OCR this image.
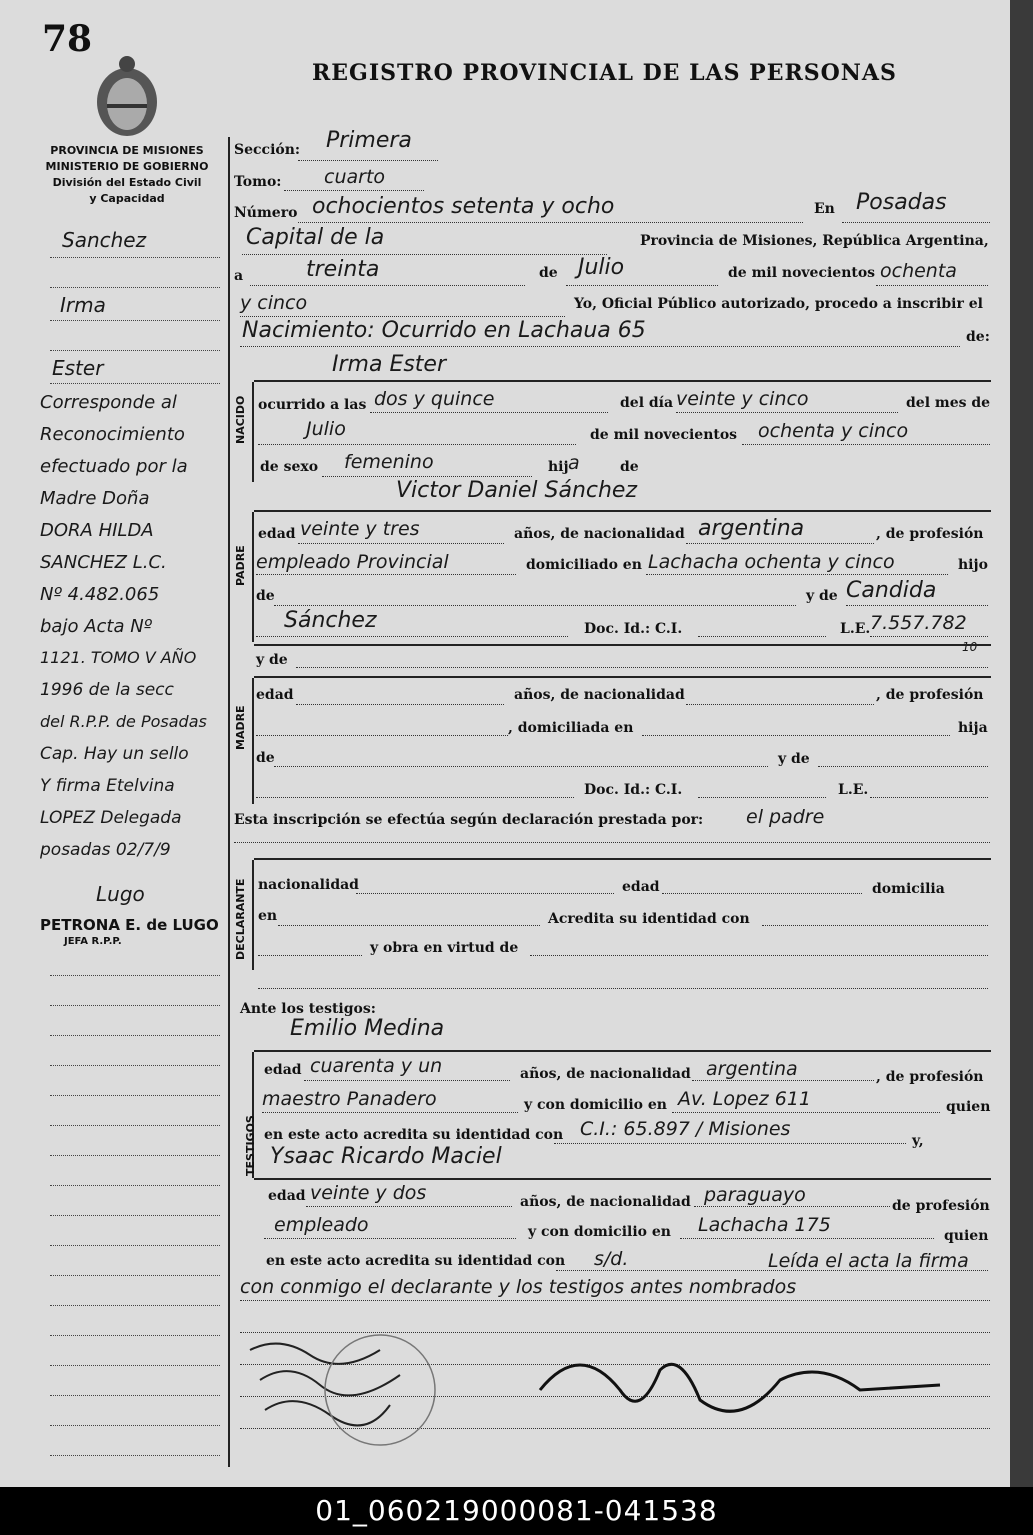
78
REGISTRO PROVINCIAL DE LAS PERSONAS
PROVINCIA DE MISIONES
MINISTERIO DE GOBIERNO
División del Estado Civil
y Capacidad
Sanchez
Irma
Ester
Corresponde al
Reconocimiento
efectuado por la
Madre Doña
DORA HILDA
SANCHEZ L.C.
Nº 4.482.065
bajo Acta Nº
1121. TOMO V AÑO
1996 de la secc
del R.P.P. de Posadas
Cap. Hay un sello
Y firma Etelvina
LOPEZ Delegada
posadas 02/7/9
Lugo
PETRONA E. de LUGO
JEFA R.P.P.
Sección: Primera
Tomo: cuarto
Número ochocientos setenta y ocho	En Posadas
Capital de la	Provincia de Misiones, República Argentina,
a	treinta	de Julio	de mil novecientos ochenta
y cinco	Yo, Oficial Público autorizado, procedo a inscribir el
Nacimiento: Ocurrido en Lachaua 65	de:
Irma Ester
NACIDO ocurrido a las dos y quince	del día veinte y cinco	del mes de
Julio	de mil novecientos ochenta y cinco
de sexo femenino	hij a	de
Victor Daniel Sánchez
PADRE
edad veinte y tres	años, de nacionalidad argentina	, de profesión
empleado Provincial	domiciliado en Lachacha ochenta y cinco	hijo
de	y de Candida
Sánchez	Doc. Id.: C.I.	L.E. 7.557.782
10
y de
MADRE
edad	años, de nacionalidad	, de profesión
, domiciliada en	hija
de	y de
Doc. Id.: C.I.	L.E.
Esta inscripción se efectúa según declaración prestada por: el padre
DECLARANTE nacionalidad	edad	domicilia
en	Acredita su identidad con
y obra en virtud de
Ante los testigos:
Emilio Medina
TESTIGOS
edad cuarenta y un	años, de nacionalidad argentina	, de profesión
maestro Panadero	y con domicilio en Av. Lopez 611	quien
en este acto acredita su identidad con C.I.: 65.897 / Misiones
y,
Ysaac Ricardo Maciel
edad veinte y dos	años, de nacionalidad paraguayo	de profesión
empleado	y con domicilio en Lachacha 175	quien
en este acto acredita su identidad con s/d.	Leída el acta la firma
con conmigo el declarante y los testigos antes nombrados
01_060219000081-041538
